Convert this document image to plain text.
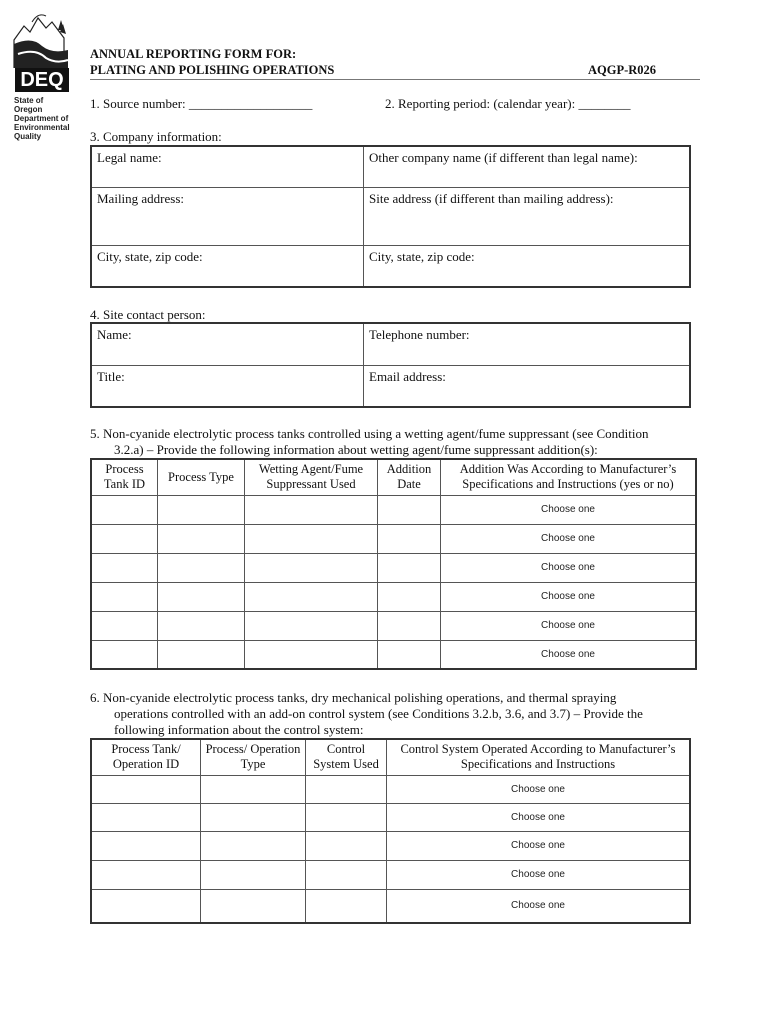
DEQ
State of Oregon
Department of
Environmental
Quality
ANNUAL REPORTING FORM FOR:
PLATING AND POLISHING OPERATIONS	AQGP-R026
1. Source number: ___________________	2. Reporting period: (calendar year): ________
3. Company information:
Legal name:	Other company name (if different than legal name):
Mailing address:	Site address (if different than mailing address):
City, state, zip code:	City, state, zip code:
4. Site contact person:
Name:	Telephone number:
Title:	Email address:
5. Non-cyanide electrolytic process tanks controlled using a wetting agent/fume suppressant (see Condition
3.2.a) – Provide the following information about wetting agent/fume suppressant addition(s):
Process Tank ID	Process Type	Wetting Agent/Fume Suppressant Used	Addition Date	Addition Was According to Manufacturer’s Specifications and Instructions (yes or no)
				Choose one
				Choose one
				Choose one
				Choose one
				Choose one
				Choose one
6. Non-cyanide electrolytic process tanks, dry mechanical polishing operations, and thermal spraying
operations controlled with an add-on control system (see Conditions 3.2.b, 3.6, and 3.7) – Provide the
following information about the control system:
Process Tank/ Operation ID	Process/ Operation Type	Control System Used	Control System Operated According to Manufacturer’s Specifications and Instructions
			Choose one
			Choose one
			Choose one
			Choose one
			Choose one
